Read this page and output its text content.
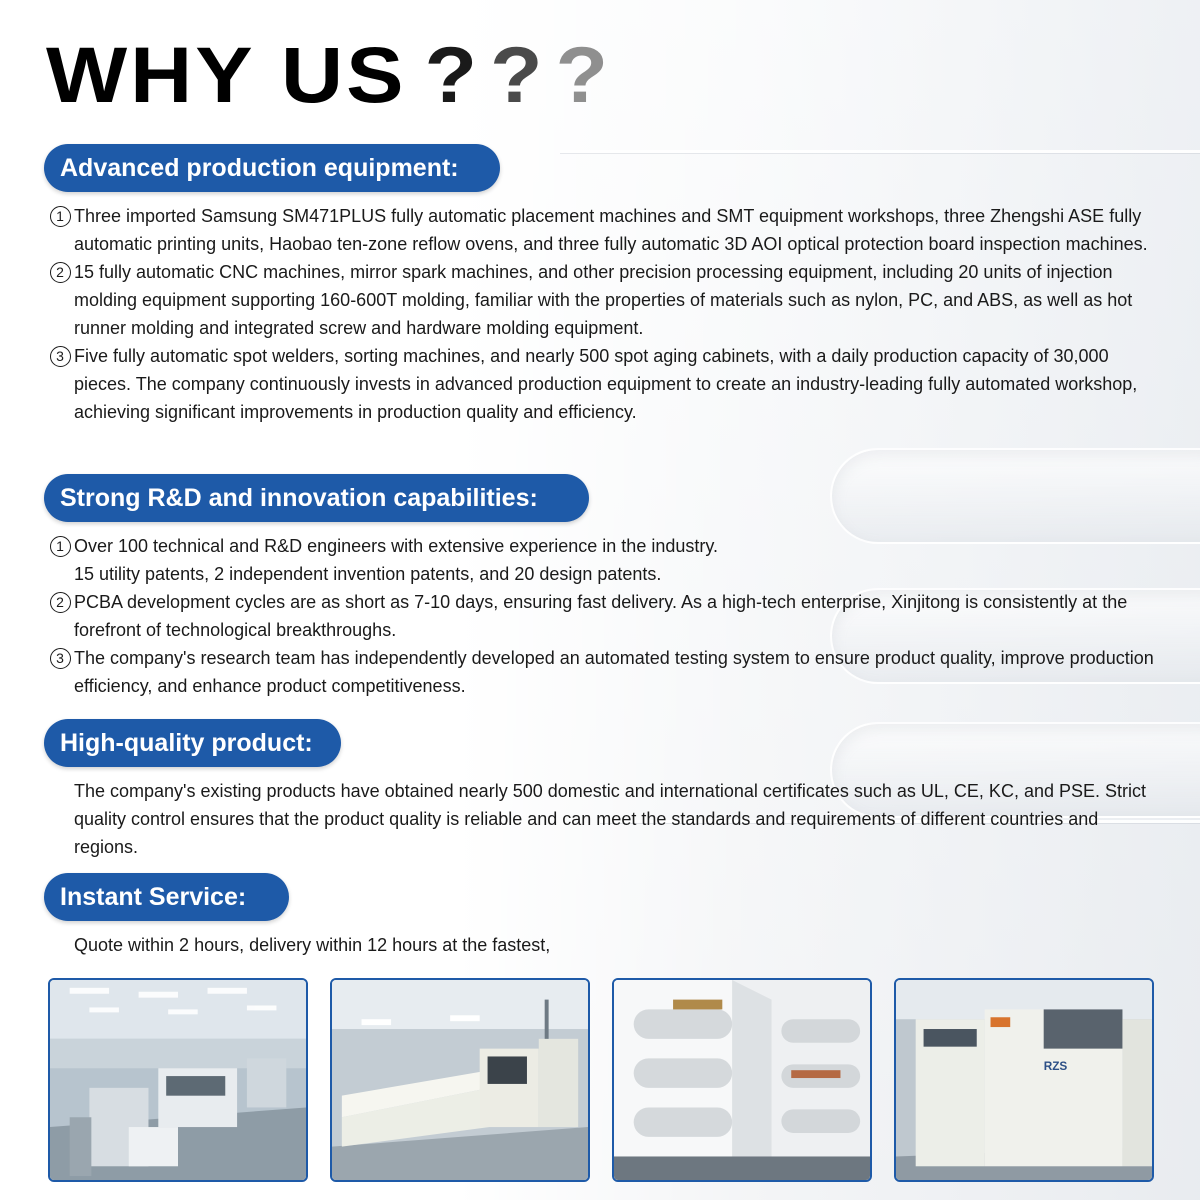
WHY US ? ? ?
Advanced production equipment:
1 Three imported Samsung SM471PLUS fully automatic placement machines and SMT equipment workshops, three Zhengshi ASE fully automatic printing units, Haobao ten-zone reflow ovens, and three fully automatic 3D AOI optical protection board inspection machines.
2 15 fully automatic CNC machines, mirror spark machines, and other precision processing equipment, including 20 units of injection molding equipment supporting 160-600T molding, familiar with the properties of materials such as nylon, PC, and ABS, as well as hot runner molding and integrated screw and hardware molding equipment.
3 Five fully automatic spot welders, sorting machines, and nearly 500 spot aging cabinets, with a daily production capacity of 30,000 pieces. The company continuously invests in advanced production equipment to create an industry-leading fully automated workshop, achieving significant improvements in production quality and efficiency.
Strong R&D and innovation capabilities:
1 Over 100 technical and R&D engineers with extensive experience in the industry.
15 utility patents, 2 independent invention patents, and 20 design patents.
2 PCBA development cycles are as short as 7-10 days, ensuring fast delivery. As a high-tech enterprise, Xinjitong is consistently at the forefront of technological breakthroughs.
3 The company's research team has independently developed an automated testing system to ensure product quality, improve production efficiency, and enhance product competitiveness.
High-quality product:
The company's existing products have obtained nearly 500 domestic and international certificates such as UL, CE, KC, and PSE. Strict quality control ensures that the product quality is reliable and can meet the standards and requirements of different countries and regions.
Instant Service:
Quote within 2 hours, delivery within 12 hours at the fastest,
RZS
